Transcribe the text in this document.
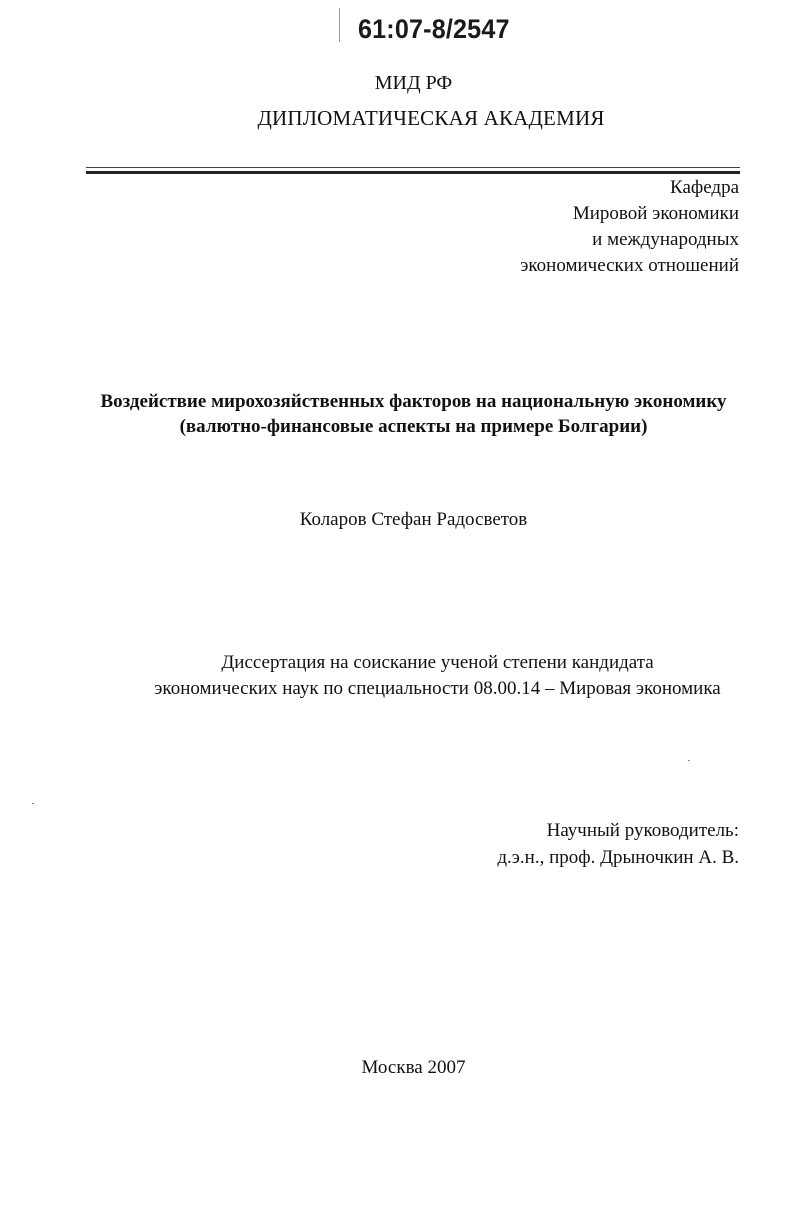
61:07-8/2547
МИД РФ
ДИПЛОМАТИЧЕСКАЯ АКАДЕМИЯ
Кафедра
Мировой экономики
и международных
экономических отношений
Воздействие мирохозяйственных факторов на национальную экономику
(валютно-финансовые аспекты на примере Болгарии)
Коларов Стефан Радосветов
Диссертация на соискание ученой степени кандидата
экономических наук по специальности 08.00.14 – Мировая экономика
Научный руководитель:
д.э.н., проф. Дрыночкин А. В.
Москва 2007
